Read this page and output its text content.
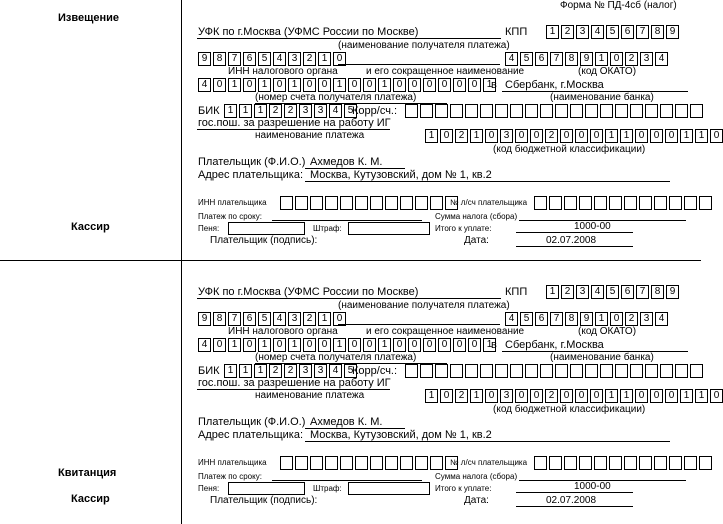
Форма № ПД-4сб (налог)
Извещение
Кассир
Квитанция
Кассир
УФК по г.Москва (УФМС России по Москве)	КПП	1 2 3 4 5 6 7 8 9
(наименование получателя платежа)
9 8 7 6 5 4 3 2 1 0	4 5 6 7 8 9 1 0 2 3 4
ИНН налогового органа	и его сокращенное наименование	(код ОКАТО)
4 0 1 0 1 0 1 0 0 1 0 0 1 0 0 0 0 0 0 1
в Сбербанк, г.Москва
(номер счета получателя платежа)	(наименование банка)
БИК 1 1 1 2 2 3 3 4 5
Корр/сч.:
гос.пош. за разрешение на работу ИГ
наименование платежа	1 0 2 1 0 3 0 0 2 0 0 0 1 1 0 0 0 1 1 0
(код бюджетной классификации)
Плательщик (Ф.И.О.) Ахмедов К. М.
Адрес плательщика: Москва, Кутузовский, дом № 1, кв.2
ИНН плательщика	№ л/сч плательщика
Платеж по сроку:	Сумма налога (сбора)
Пеня:	Штраф:	Итого к уплате:	1000-00
Плательщик (подпись):	Дата:	02.07.2008
УФК по г.Москва (УФМС России по Москве)	КПП	1 2 3 4 5 6 7 8 9
(наименование получателя платежа)
9 8 7 6 5 4 3 2 1 0	4 5 6 7 8 9 1 0 2 3 4
ИНН налогового органа	и его сокращенное наименование	(код ОКАТО)
4 0 1 0 1 0 1 0 0 1 0 0 1 0 0 0 0 0 0 1
в Сбербанк, г.Москва
(номер счета получателя платежа)	(наименование банка)
БИК 1 1 1 2 2 3 3 4 5
Корр/сч.:
гос.пош. за разрешение на работу ИГ
наименование платежа	1 0 2 1 0 3 0 0 2 0 0 0 1 1 0 0 0 1 1 0
(код бюджетной классификации)
Плательщик (Ф.И.О.) Ахмедов К. М.
Адрес плательщика: Москва, Кутузовский, дом № 1, кв.2
ИНН плательщика	№ л/сч плательщика
Платеж по сроку:	Сумма налога (сбора)
Пеня:	Штраф:	Итого к уплате:	1000-00
Плательщик (подпись):	Дата:	02.07.2008
